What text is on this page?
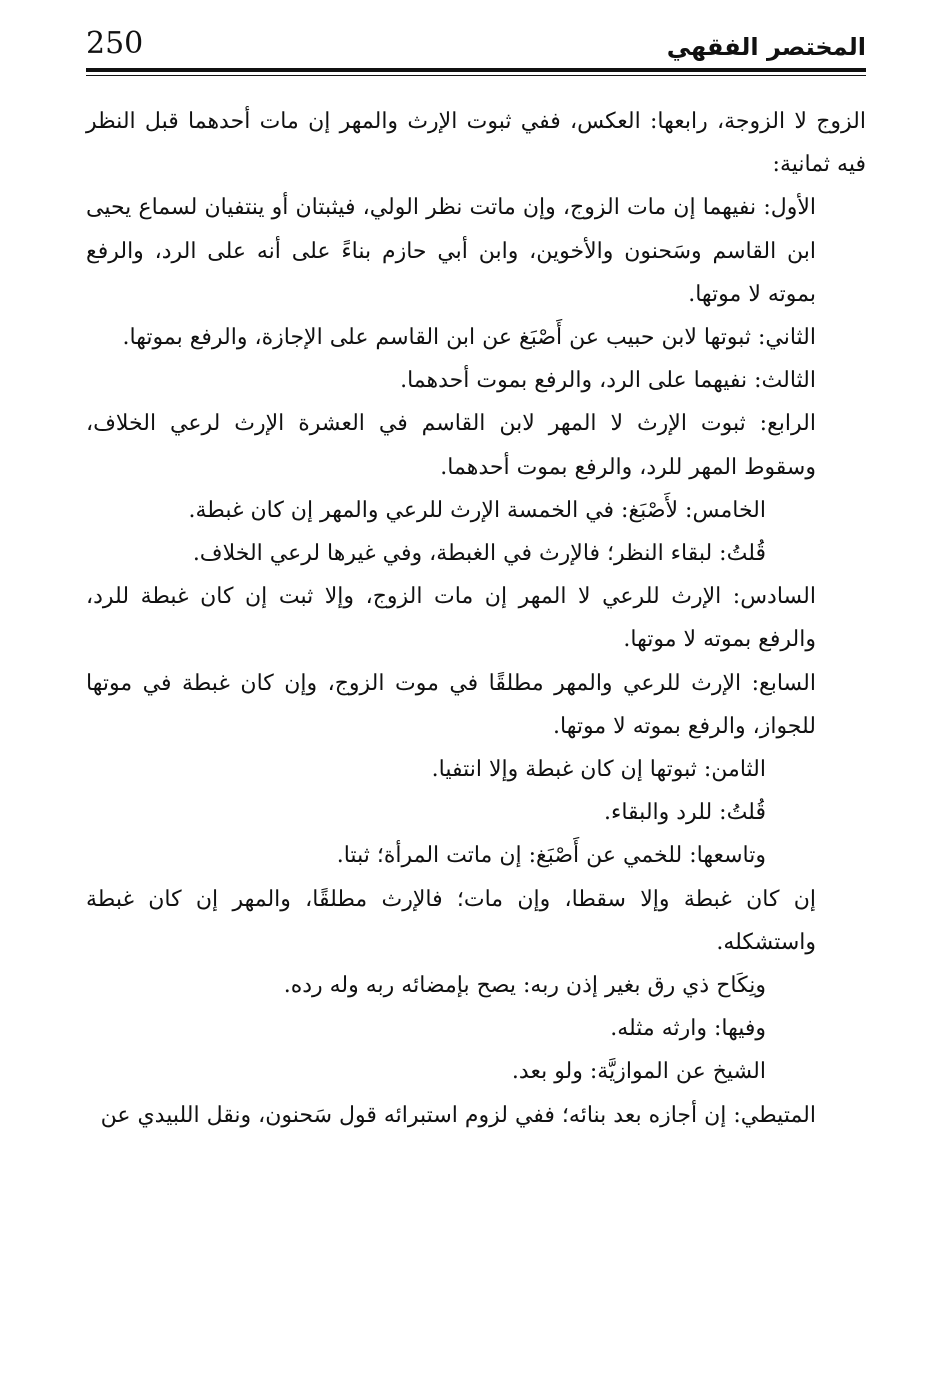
250	المختصر الفقهي

الزوج لا الزوجة، رابعها: العكس، ففي ثبوت الإرث والمهر إن مات أحدهما قبل النظر فيه ثمانية:

الأول: نفيهما إن مات الزوج، وإن ماتت نظر الولي، فيثبتان أو ينتفيان لسماع يحيى ابن القاسم وسَحنون والأخوين، وابن أبي حازم بناءً على أنه على الرد، والرفع بموته لا موتها.

الثاني: ثبوتها لابن حبيب عن أَصْبَغ عن ابن القاسم على الإجازة، والرفع بموتها.

الثالث: نفيهما على الرد، والرفع بموت أحدهما.

الرابع: ثبوت الإرث لا المهر لابن القاسم في العشرة الإرث لرعي الخلاف، وسقوط المهر للرد، والرفع بموت أحدهما.

الخامس: لأَصْبَغ: في الخمسة الإرث للرعي والمهر إن كان غبطة.

قُلتُ: لبقاء النظر؛ فالإرث في الغبطة، وفي غيرها لرعي الخلاف.

السادس: الإرث للرعي لا المهر إن مات الزوج، وإلا ثبت إن كان غبطة للرد، والرفع بموته لا موتها.

السابع: الإرث للرعي والمهر مطلقًا في موت الزوج، وإن كان غبطة في موتها للجواز، والرفع بموته لا موتها.

الثامن: ثبوتها إن كان غبطة وإلا انتفيا.

قُلتُ: للرد والبقاء.

وتاسعها: للخمي عن أَصْبَغ: إن ماتت المرأة؛ ثبتا.

إن كان غبطة وإلا سقطا، وإن مات؛ فالإرث مطلقًا، والمهر إن كان غبطة واستشكله.

ونِكَاح ذي رق بغير إذن ربه: يصح بإمضائه ربه وله رده.

وفيها: وارثه مثله.

الشيخ عن الموازيَّة: ولو بعد.

المتيطي: إن أجازه بعد بنائه؛ ففي لزوم استبرائه قول سَحنون، ونقل اللبيدي عن
